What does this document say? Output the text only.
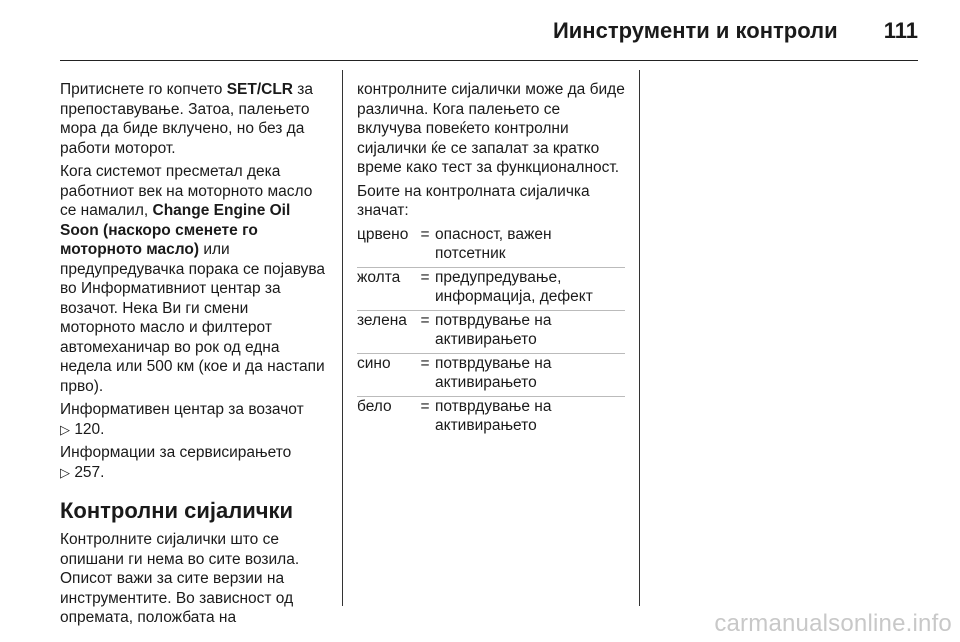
Иинструменти и контроли 111

Притиснете го копчето SET/CLR за препоставување. Затоа, палењето мора да биде вклучено, но без да работи моторот.

Кога системот пресметал дека работниот век на моторното масло се намалил, Change Engine Oil Soon (наскоро сменете го моторното масло) или предупредувачка порака се појавува во Информативниот центар за возачот. Нека Ви ги смени моторното масло и филтерот автомеханичар во рок од една недела или 500 км (кое и да настапи прво).

Информативен центар за возачот
▷ 120.

Информации за сервисирањето
▷ 257.

Контролни сијалички

Контролните сијалички што се опишани ги нема во сите возила. Описот важи за сите верзии на инструментите. Во зависност од опремата, положбата на

контролните сијалички може да биде различна. Кога палењето се вклучува повеќето контролни сијалички ќе се запалат за кратко време како тест за функционалност.

Боите на контролната сијаличка значат:

црвено	=	опасност, важен потсетник
жолта	=	предупредување, информација, дефект
зелена	=	потврдување на активирањето
сино	=	потврдување на активирањето
бело	=	потврдување на активирањето
carmanualsonline.info
